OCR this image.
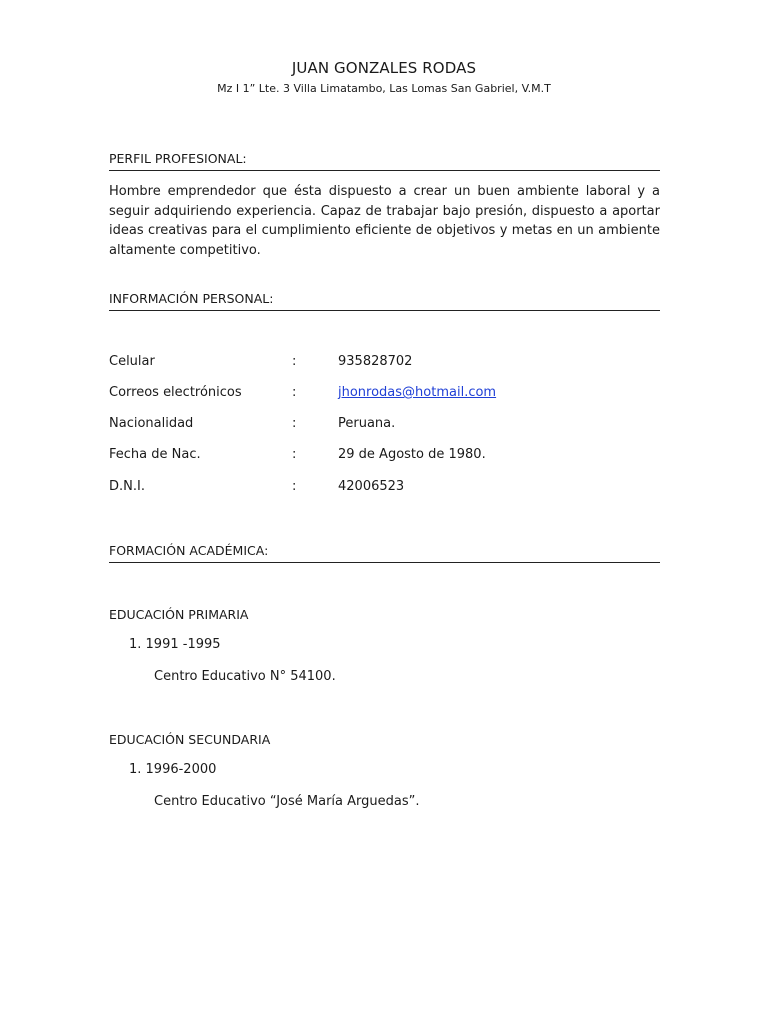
JUAN GONZALES RODAS
Mz I 1” Lte. 3 Villa Limatambo, Las Lomas San Gabriel, V.M.T
PERFIL PROFESIONAL:
Hombre emprendedor que ésta dispuesto a crear un buen ambiente laboral y a seguir adquiriendo experiencia. Capaz de trabajar bajo presión, dispuesto a aportar ideas creativas para el cumplimiento eficiente de objetivos y metas en un ambiente altamente competitivo.
INFORMACIÓN PERSONAL:
Celular	:	935828702
Correos electrónicos	:	jhonrodas@hotmail.com
Nacionalidad	:	Peruana.
Fecha de Nac.	:	29 de Agosto de 1980.
D.N.I.	:	42006523
FORMACIÓN ACADÉMICA:
EDUCACIÓN PRIMARIA
1. 1991 -1995
Centro Educativo N° 54100.
EDUCACIÓN SECUNDARIA
1. 1996-2000
Centro Educativo “José María Arguedas”.
